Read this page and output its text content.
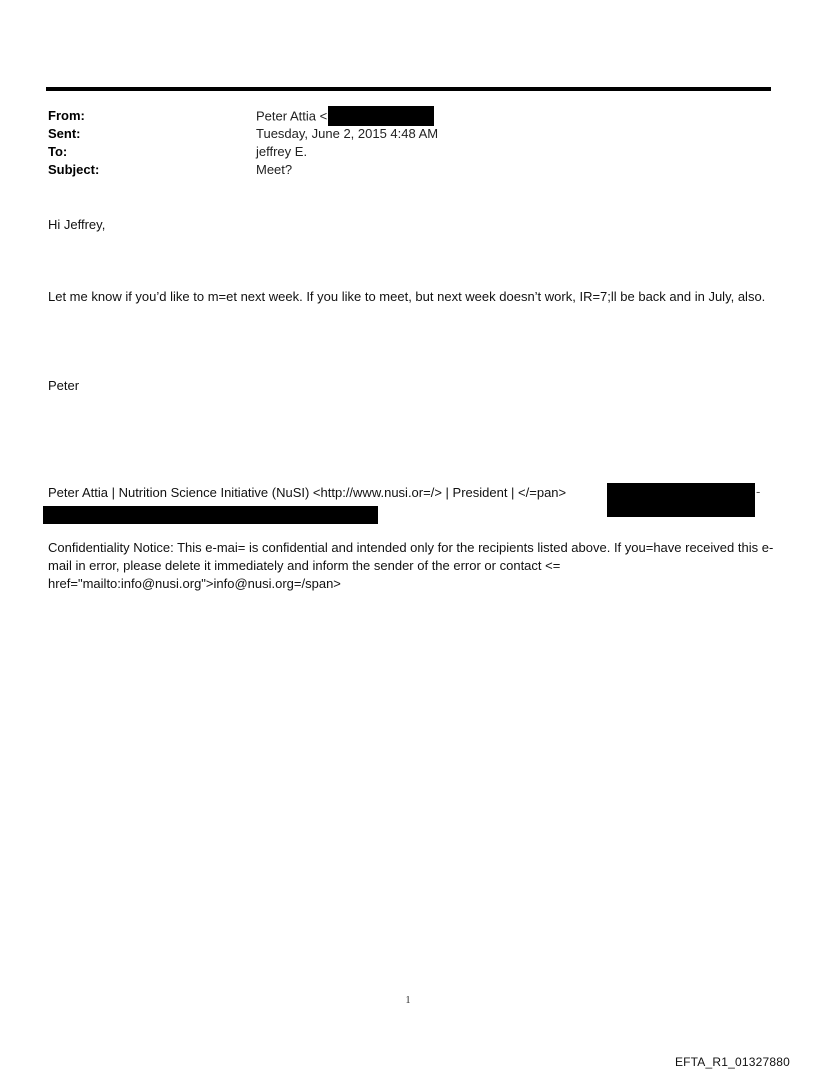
From:	Peter Attia <
Sent:	Tuesday, June 2, 2015 4:48 AM
To:	jeffrey E.
Subject:	Meet?

Hi Jeffrey,

Let me know if you’d like to m=et next week. If you like to meet, but next week doesn’t work, IR=7;ll be back and in July, also.

Peter

Peter Attia | Nutrition Science Initiative (NuSI) <http://www.nusi.or=/> | President | </=pan>	-

Confidentiality Notice: This e-mai= is confidential and intended only for the recipients listed above. If you=have received this e-mail in error, please delete it immediately and inform the sender of the error or contact <= href="mailto:info@nusi.org">info@nusi.org=/span>

1
EFTA_R1_01327880
